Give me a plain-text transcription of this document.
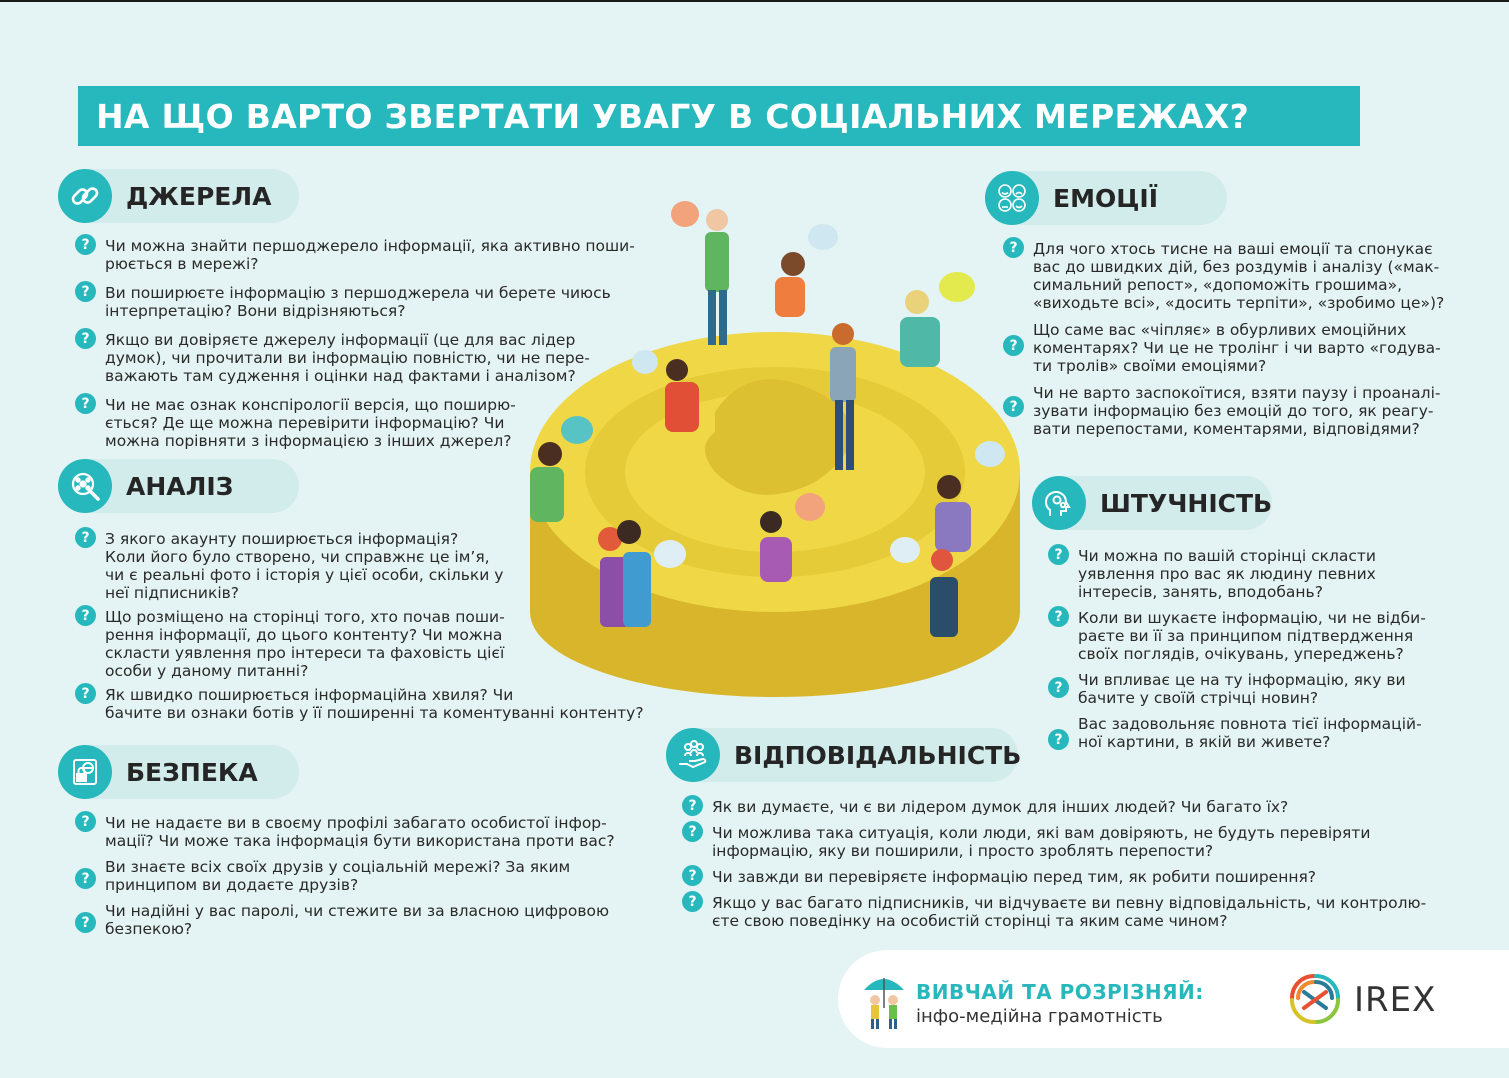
НА ЩО ВАРТО ЗВЕРТАТИ УВАГУ В СОЦІАЛЬНИХ МЕРЕЖАХ?
ДЖЕРЕЛА
? Чи можна знайти першоджерело інформації, яка активно поши-
рюється в мережі?
? Ви поширюєте інформацію з першоджерела чи берете чиюсь
інтерпретацію? Вони відрізняються?
? Якщо ви довіряєте джерелу інформації (це для вас лідер
думок), чи прочитали ви інформацію повністю, чи не пере-
важають там судження і оцінки над фактами і аналізом?
? Чи не має ознак конспірології версія, що поширю-
ється? Де ще можна перевірити інформацію? Чи
можна порівняти з інформацією з інших джерел?
АНАЛІЗ
? З якого акаунту поширюється інформація?
Коли його було створено, чи справжнє це ім’я,
чи є реальні фото і історія у цієї особи, скільки у
неї підписників?
? Що розміщено на сторінці того, хто почав поши-
рення інформації, до цього контенту? Чи можна
скласти уявлення про інтереси та фаховість цієї
особи у даному питанні?
? Як швидко поширюється інформаційна хвиля? Чи
бачите ви ознаки ботів у її поширенні та коментуванні контенту?
БЕЗПЕКА
? Чи не надаєте ви в своєму профілі забагато особистої інфор-
мації? Чи може така інформація бути використана проти вас?
?
Ви знаєте всіх своїх друзів у соціальній мережі? За яким
принципом ви додаєте друзів?
?
Чи надійні у вас паролі, чи стежите ви за власною цифровою
безпекою?
ЕМОЦІЇ
? Для чого хтось тисне на ваші емоції та спонукає
вас до швидких дій, без роздумів і аналізу («мак-
симальний репост», «допоможіть грошима»,
«виходьте всі», «досить терпіти», «зробимо це»)?
?
Що саме вас «чіпляє» в обурливих емоційних
коментарях? Чи це не тролінг і чи варто «годува-
ти тролів» своїми емоціями?
?
Чи не варто заспокоїтися, взяти паузу і проаналі-
зувати інформацію без емоцій до того, як реагу-
вати перепостами, коментарями, відповідями?
ШТУЧНІСТЬ
? Чи можна по вашій сторінці скласти
уявлення про вас як людину певних
інтересів, занять, вподобань?
? Коли ви шукаєте інформацію, чи не відби-
раєте ви її за принципом підтвердження
своїх поглядів, очікувань, упереджень?
? Чи впливає це на ту інформацію, яку ви
бачите у своїй стрічці новин?
?
Вас задовольняє повнота тієї інформацій-
ної картини, в якій ви живете?
ВІДПОВІДАЛЬНІСТЬ
? Як ви думаєте, чи є ви лідером думок для інших людей? Чи багато їх?
? Чи можлива така ситуація, коли люди, які вам довіряють, не будуть перевіряти
інформацію, яку ви поширили, і просто зроблять перепости?
? Чи завжди ви перевіряєте інформацію перед тим, як робити поширення?
? Якщо у вас багато підписників, чи відчуваєте ви певну відповідальність, чи контролю-
єте свою поведінку на особистій сторінці та яким саме чином?
ВИВЧАЙ ТА РОЗРІЗНЯЙ:
інфо-медійна грамотність	IREX
